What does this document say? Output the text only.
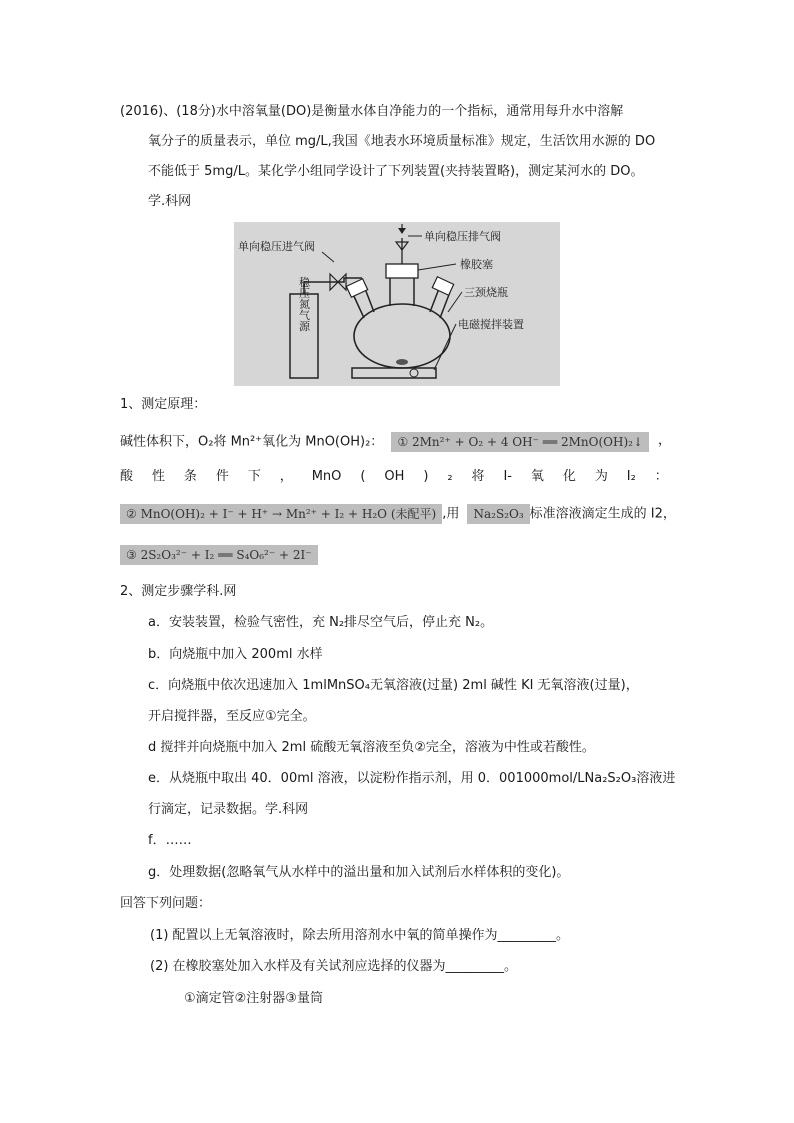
(2016)、(18分)水中溶氧量(DO)是衡量水体自净能力的一个指标，通常用每升水中溶解
氧分子的质量表示，单位 mg/L,我国《地表水环境质量标准》规定，生活饮用水源的 DO
不能低于 5mg/L。某化学小组同学设计了下列装置(夹持装置略)，测定某河水的 DO。
学.科网
稳压氮气源
单向稳压进气阀
单向稳压排气阀
橡胶塞
三颈烧瓶
电磁搅拌装置
1、测定原理：
碱性体积下，O₂将 Mn²⁺氧化为 MnO(OH)₂： ① 2Mn²⁺ + O₂ + 4 OH⁻ ══ 2MnO(OH)₂↓ ，
酸 性 条 件 下 ， MnO ( OH ) ₂ 将 I- 氧 化 为 I₂ ：
② MnO(OH)₂ + I⁻ + H⁺ → Mn²⁺ + I₂ + H₂O (未配平) ,用 Na₂S₂O₃ 标准溶液滴定生成的 I2，
③ 2S₂O₃²⁻ + I₂ ══ S₄O₆²⁻ + 2I⁻
2、测定步骤学科.网
a．安装装置，检验气密性，充 N₂排尽空气后，停止充 N₂。
b．向烧瓶中加入 200ml 水样
c．向烧瓶中依次迅速加入 1mlMnSO₄无氧溶液(过量) 2ml 碱性 KI 无氧溶液(过量)，
开启搅拌器，至反应①完全。
d 搅拌并向烧瓶中加入 2ml 硫酸无氧溶液至负②完全，溶液为中性或若酸性。
e．从烧瓶中取出 40．00ml 溶液，以淀粉作指示剂，用 0．001000mol/LNa₂S₂O₃溶液进
行滴定，记录数据。学.科网
f．……
g．处理数据(忽略氧气从水样中的溢出量和加入试剂后水样体积的变化)。
回答下列问题：
(1) 配置以上无氧溶液时，除去所用溶剂水中氧的简单操作为_________。
(2) 在橡胶塞处加入水样及有关试剂应选择的仪器为_________。
①滴定管②注射器③量筒
